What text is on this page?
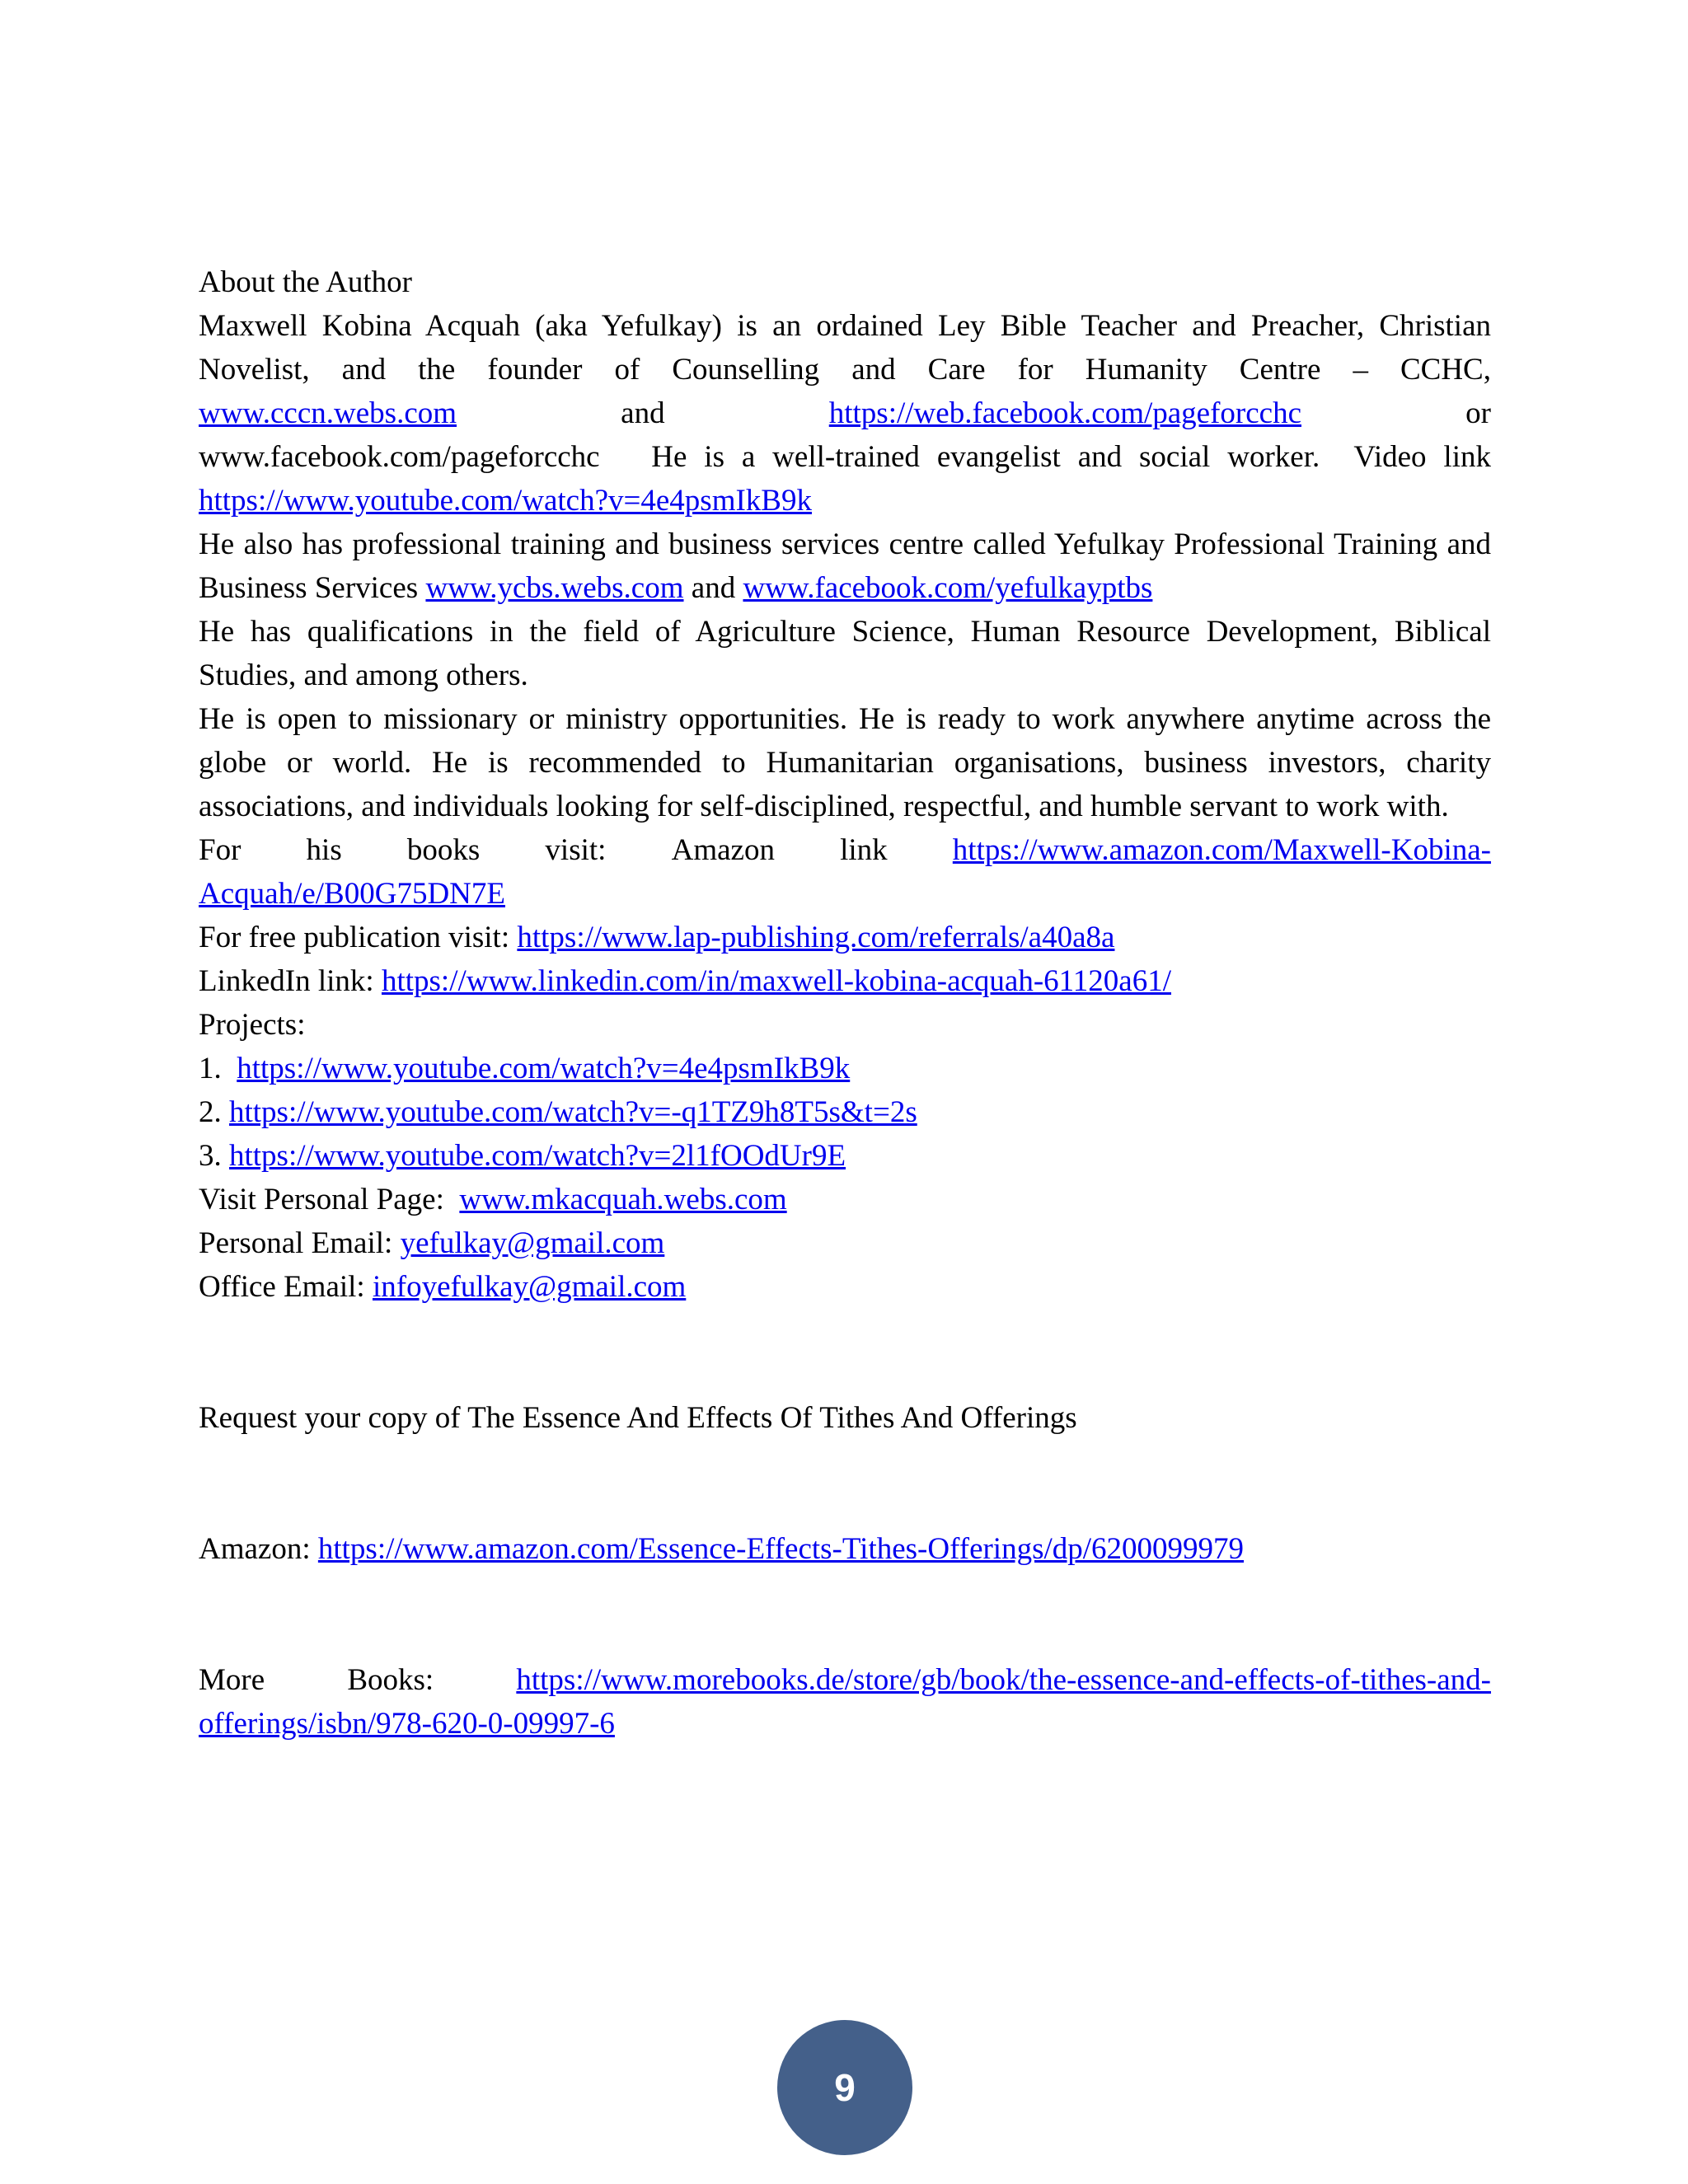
About the Author

Maxwell Kobina Acquah (aka Yefulkay) is an ordained Ley Bible Teacher and Preacher, Christian Novelist, and the founder of Counselling and Care for Humanity Centre – CCHC,

www.cccn.webs.com	and	https://web.facebook.com/pageforcchc	or

www.facebook.com/pageforcchc   He is a well-trained evangelist and social worker.  Video link

https://www.youtube.com/watch?v=4e4psmIkB9k

He also has professional training and business services centre called Yefulkay Professional Training and Business Services www.ycbs.webs.com and www.facebook.com/yefulkayptbs

He has qualifications in the field of Agriculture Science, Human Resource Development, Biblical Studies, and among others.

He is open to missionary or ministry opportunities. He is ready to work anywhere anytime across the globe or world. He is recommended to Humanitarian organisations, business investors, charity associations, and individuals looking for self-disciplined, respectful, and humble servant to work with.

For his books visit: Amazon link https://www.amazon.com/Maxwell-Kobina-

Acquah/e/B00G75DN7E

For free publication visit: https://www.lap-publishing.com/referrals/a40a8a

LinkedIn link: https://www.linkedin.com/in/maxwell-kobina-acquah-61120a61/

Projects:

1.  https://www.youtube.com/watch?v=4e4psmIkB9k

2. https://www.youtube.com/watch?v=-q1TZ9h8T5s&t=2s

3. https://www.youtube.com/watch?v=2l1fOOdUr9E

Visit Personal Page:  www.mkacquah.webs.com

Personal Email: yefulkay@gmail.com

Office Email: infoyefulkay@gmail.com

Request your copy of The Essence And Effects Of Tithes And Offerings

Amazon: https://www.amazon.com/Essence-Effects-Tithes-Offerings/dp/6200099979

More	Books:	https://www.morebooks.de/store/gb/book/the-essence-and-effects-of-tithes-and-

offerings/isbn/978-620-0-09997-6

9
